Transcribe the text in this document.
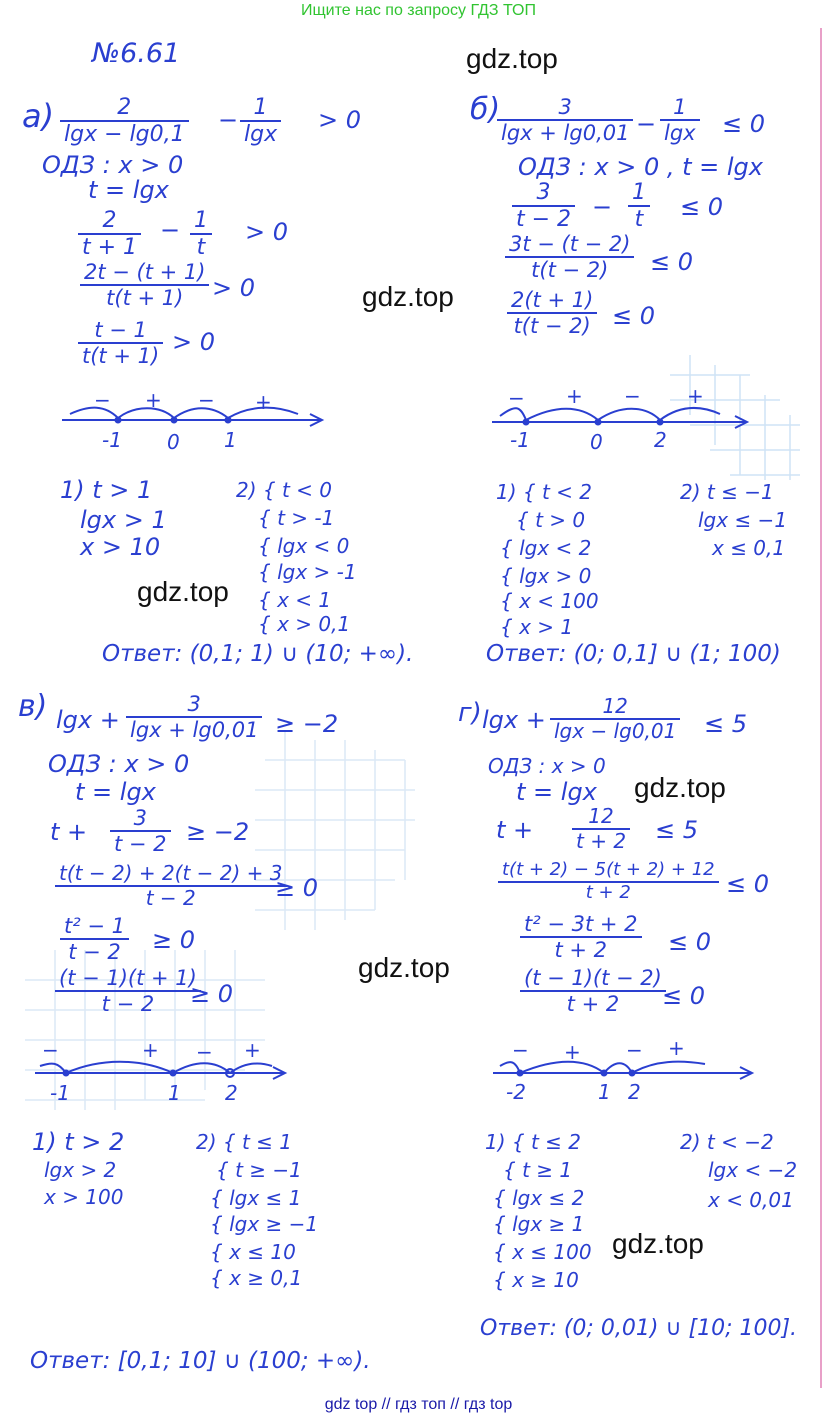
Ищите нас по запросу ГДЗ ТОП
gdz.top
gdz.top
gdz.top
gdz.top
gdz.top
gdz.top
№6.61
а)	2
lgx − lg0,1
− 1
lgx
> 0
ОДЗ : x > 0
t = lgx
2
t + 1
− 1
t
> 0
2t − (t + 1)
t(t + 1) > 0
t − 1
t(t + 1)
> 0
− + − +
-1 0 1
1) t > 1
lgx > 1
x > 10
2) { t < 0
{ t > -1
{ lgx < 0
{ lgx > -1
{ x < 1
{ x > 0,1
Ответ: (0,1; 1) ∪ (10; +∞).
б)	3
lgx + lg0,01 −
1
lgx ≤ 0
ОДЗ : x > 0 , t = lgx
3
t − 2 −
1
t ≤ 0
3t − (t − 2)
t(t − 2) ≤ 0
2(t + 1)
t(t − 2) ≤ 0
− + − +
-1	0	2
1) { t < 2
{ t > 0
{ lgx < 2
{ lgx > 0
{ x < 100
{ x > 1
2) t ≤ −1
lgx ≤ −1
x ≤ 0,1
Ответ: (0; 0,1] ∪ (1; 100)
в) lgx +
3
lgx + lg0,01 ≥ −2
ОДЗ : x > 0
t = lgx
t + 3
t − 2 ≥ −2
t(t − 2) + 2(t − 2) + 3
t − 2	≥ 0
t² − 1
t − 2 ≥ 0
(t − 1)(t + 1)
t − 2 ≥ 0
−	+ − +
-1	1 2
1) t > 2
lgx > 2
x > 100
2) { t ≤ 1
{ t ≥ −1
{ lgx ≤ 1
{ lgx ≥ −1
{ x ≤ 10
{ x ≥ 0,1
Ответ: [0,1; 10] ∪ (100; +∞).
г) lgx +	12
lgx − lg0,01 ≤ 5
ОДЗ : x > 0
t = lgx
t +	12
t + 2 ≤ 5
t(t + 2) − 5(t + 2) + 12
t + 2	≤ 0
t² − 3t + 2
t + 2	≤ 0
(t − 1)(t − 2)
t + 2 ≤ 0
− + − +
-2	1 2
1) { t ≤ 2
{ t ≥ 1
{ lgx ≤ 2
{ lgx ≥ 1
{ x ≤ 100
{ x ≥ 10
2) t < −2
lgx < −2
x < 0,01
Ответ: (0; 0,01) ∪ [10; 100].
gdz top // гдз топ // гдз top
